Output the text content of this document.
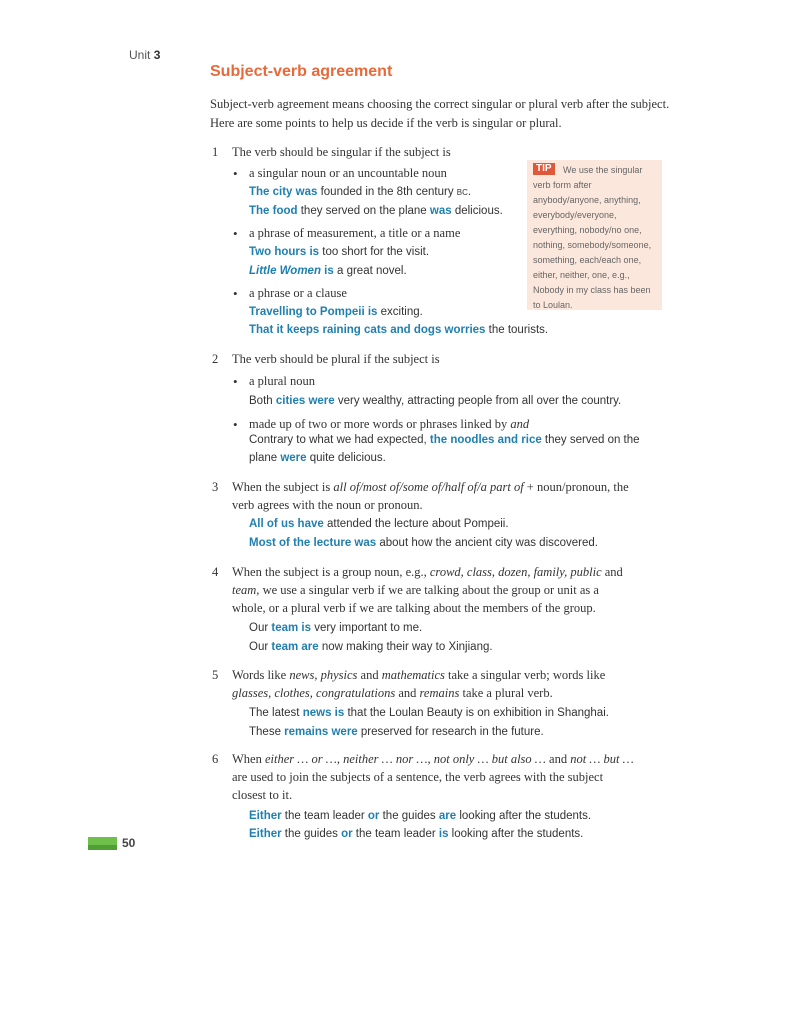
Unit 3
Subject-verb agreement
Subject-verb agreement means choosing the correct singular or plural verb after the subject. Here are some points to help us decide if the verb is singular or plural.
TIP	We use the singular verb form after anybody/anyone, anything, everybody/everyone, everything, nobody/no one, nothing, somebody/someone, something, each/each one, either, neither, one, e.g., Nobody in my class has been to Loulan.
1 The verb should be singular if the subject is
• a singular noun or an uncountable noun
The city was founded in the 8th century BC.
The food they served on the plane was delicious.
• a phrase of measurement, a title or a name
Two hours is too short for the visit.
Little Women is a great novel.
• a phrase or a clause
Travelling to Pompeii is exciting.
That it keeps raining cats and dogs worries the tourists.
2 The verb should be plural if the subject is
• a plural noun
Both cities were very wealthy, attracting people from all over the country.
• made up of two or more words or phrases linked by and
Contrary to what we had expected, the noodles and rice they served on the
plane were quite delicious.
3 When the subject is all of/most of/some of/half of/a part of + noun/pronoun, the
verb agrees with the noun or pronoun.
All of us have attended the lecture about Pompeii.
Most of the lecture was about how the ancient city was discovered.
4 When the subject is a group noun, e.g., crowd, class, dozen, family, public and
team, we use a singular verb if we are talking about the group or unit as a
whole, or a plural verb if we are talking about the members of the group.
Our team is very important to me.
Our team are now making their way to Xinjiang.
5 Words like news, physics and mathematics take a singular verb; words like
glasses, clothes, congratulations and remains take a plural verb.
The latest news is that the Loulan Beauty is on exhibition in Shanghai.
These remains were preserved for research in the future.
6 When either … or …, neither … nor …, not only … but also … and not … but …
are used to join the subjects of a sentence, the verb agrees with the subject
closest to it.
Either the team leader or the guides are looking after the students.
Either the guides or the team leader is looking after the students.
50
